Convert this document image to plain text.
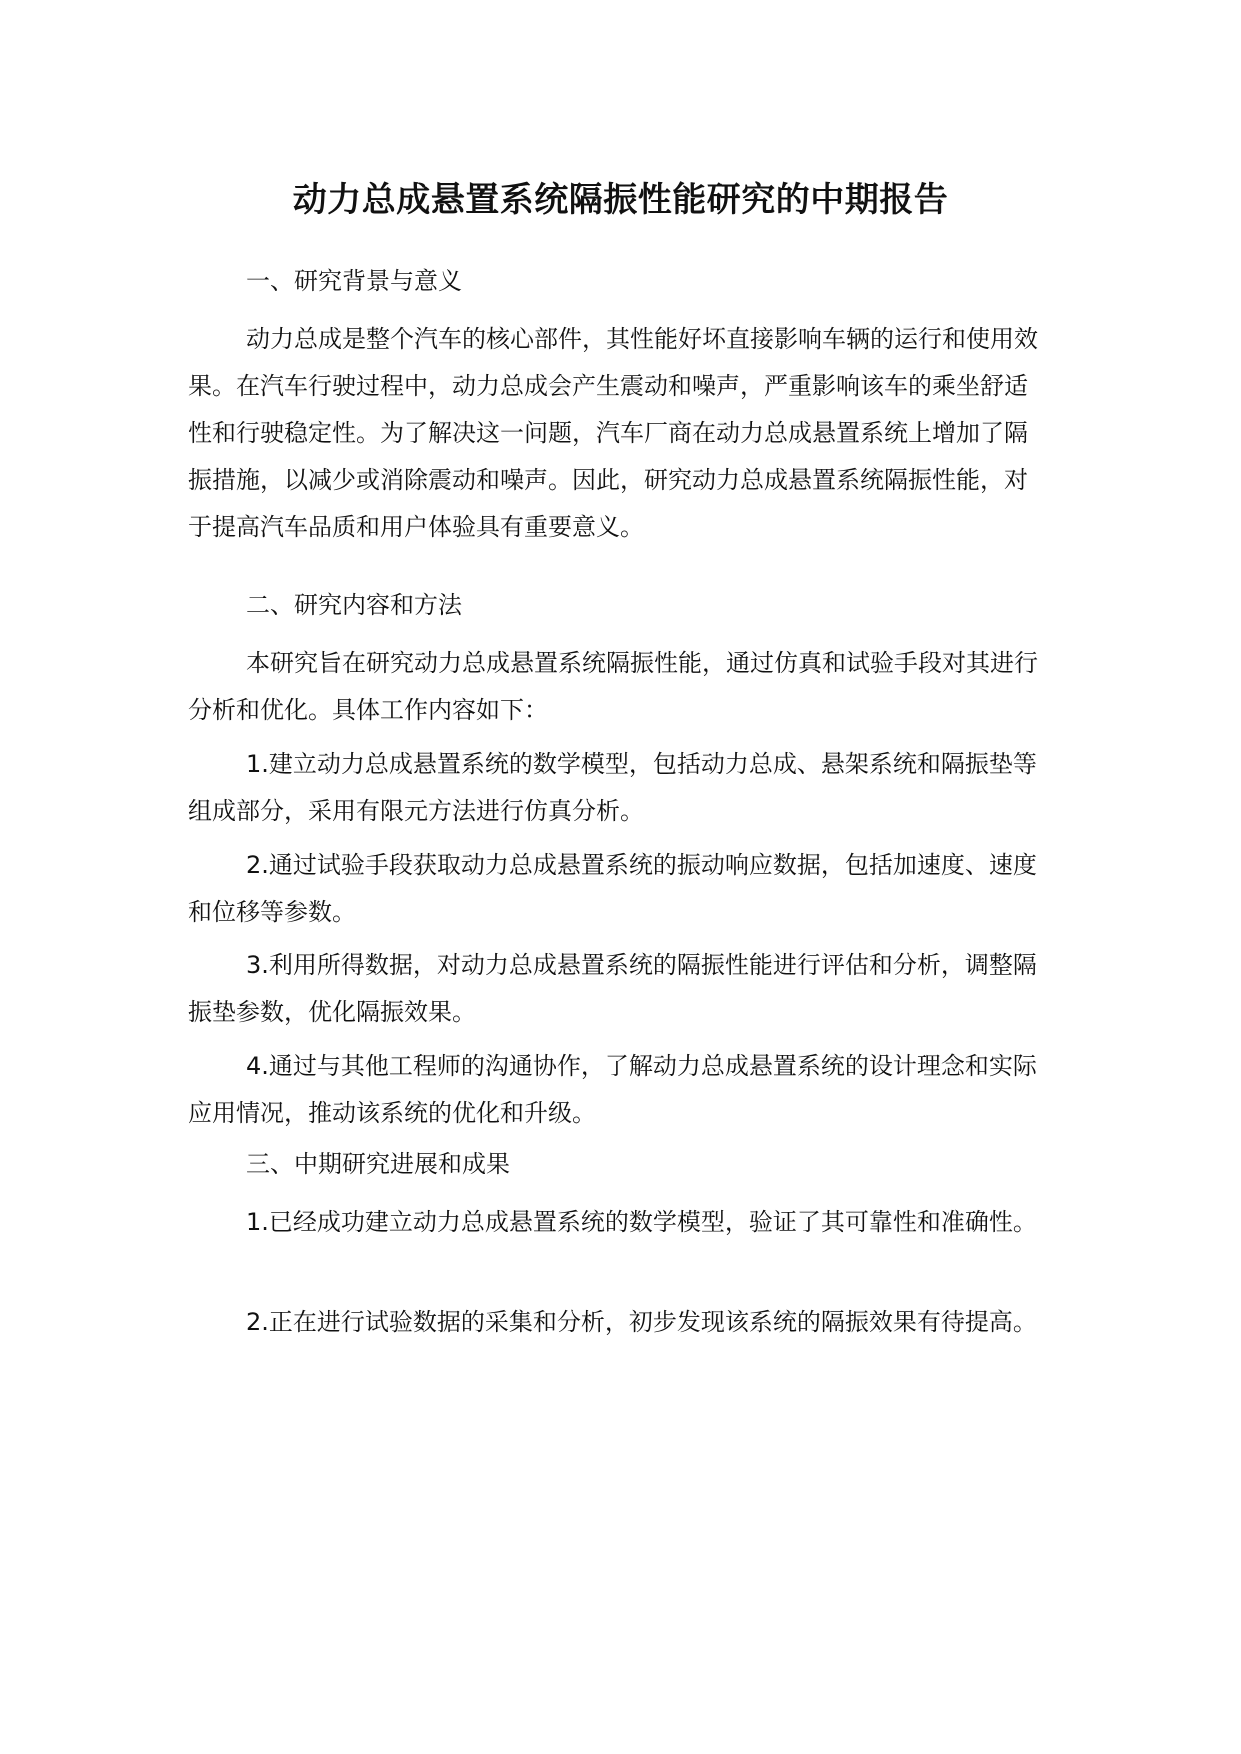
动力总成悬置系统隔振性能研究的中期报告

一、研究背景与意义

动力总成是整个汽车的核心部件，其性能好坏直接影响车辆的运行和使用效果。在汽车行驶过程中，动力总成会产生震动和噪声，严重影响该车的乘坐舒适性和行驶稳定性。为了解决这一问题，汽车厂商在动力总成悬置系统上增加了隔振措施，以减少或消除震动和噪声。因此，研究动力总成悬置系统隔振性能，对于提高汽车品质和用户体验具有重要意义。

二、研究内容和方法

本研究旨在研究动力总成悬置系统隔振性能，通过仿真和试验手段对其进行分析和优化。具体工作内容如下：

1.建立动力总成悬置系统的数学模型，包括动力总成、悬架系统和隔振垫等组成部分，采用有限元方法进行仿真分析。

2.通过试验手段获取动力总成悬置系统的振动响应数据，包括加速度、速度和位移等参数。

3.利用所得数据，对动力总成悬置系统的隔振性能进行评估和分析，调整隔振垫参数，优化隔振效果。

4.通过与其他工程师的沟通协作，了解动力总成悬置系统的设计理念和实际应用情况，推动该系统的优化和升级。

三、中期研究进展和成果

1.已经成功建立动力总成悬置系统的数学模型，验证了其可靠性和准确性。

2.正在进行试验数据的采集和分析，初步发现该系统的隔振效果有待提高。
